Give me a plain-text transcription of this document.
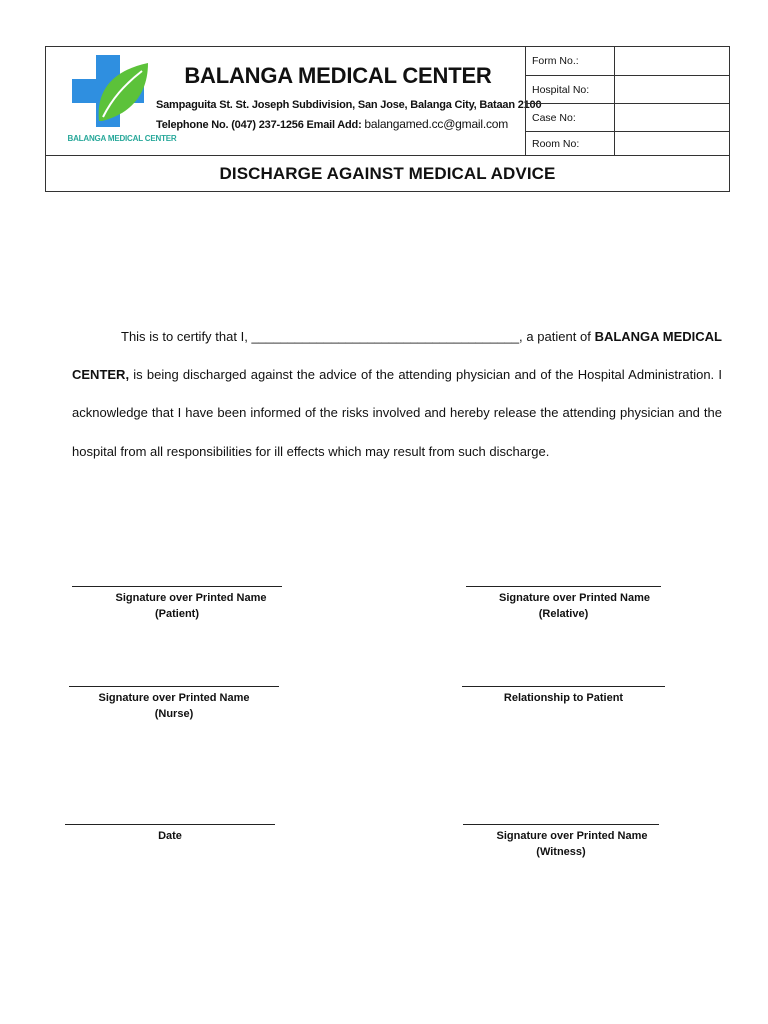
BALANGA MEDICAL CENTER
BALANGA MEDICAL CENTER
Sampaguita St. St. Joseph Subdivision, San Jose, Balanga City, Bataan 2100
Telephone No. (047) 237-1256 Email Add: balangamed.cc@gmail.com
Form No.:
Hospital No:
Case No:
Room No:
DISCHARGE AGAINST MEDICAL ADVICE
This is to certify that I, _____________________________________, a patient of BALANGA MEDICAL CENTER, is being discharged against the advice of the attending physician and of the Hospital Administration. I acknowledge that I have been informed of the risks involved and hereby release the attending physician and the hospital from all responsibilities for ill effects which may result from such discharge.
Signature over Printed Name
(Patient)
Signature over Printed Name
(Relative)
Signature over Printed Name
(Nurse)
Relationship to Patient
Date	Signature over Printed Name
(Witness)
